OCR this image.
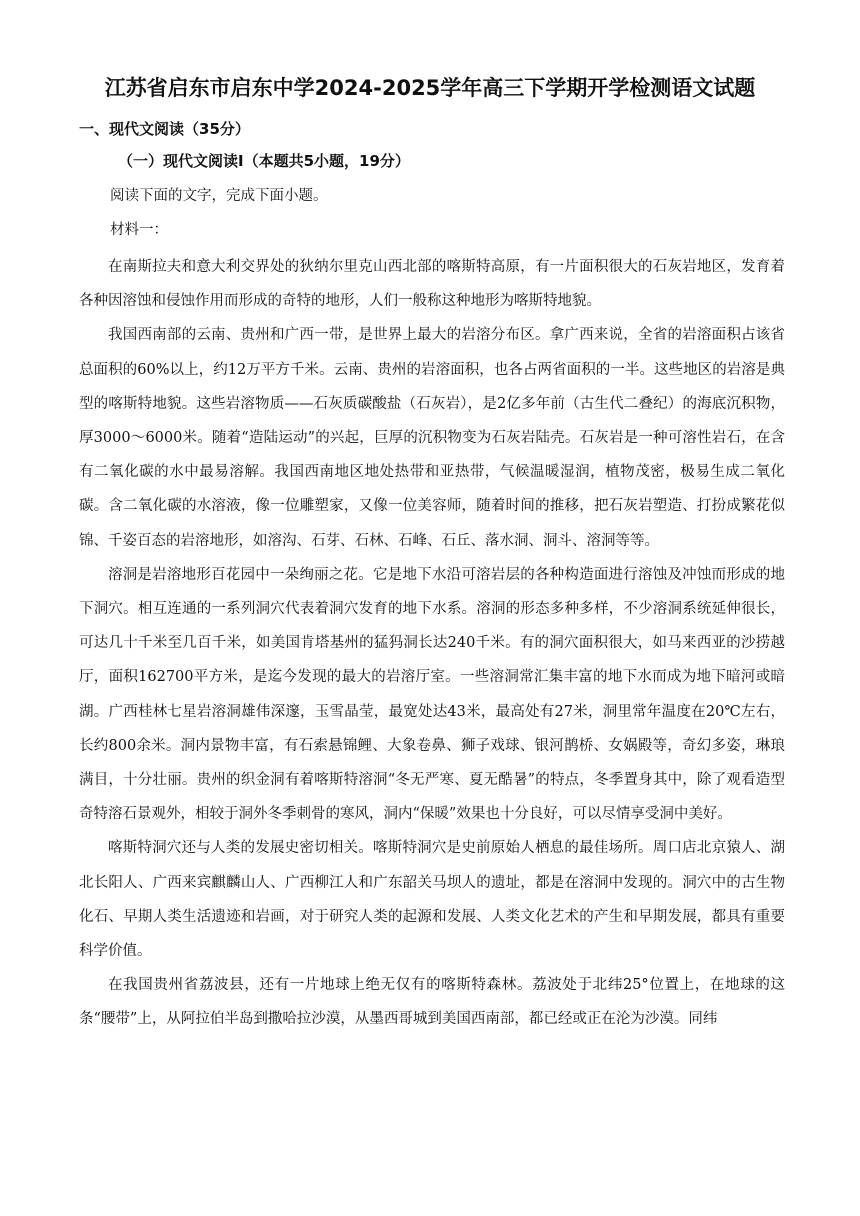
江苏省启东市启东中学2024-2025学年高三下学期开学检测语文试题
一、现代文阅读（35分）
（一）现代文阅读Ⅰ（本题共5小题，19分）
阅读下面的文字，完成下面小题。
材料一：

在南斯拉夫和意大利交界处的狄纳尔里克山西北部的喀斯特高原，有一片面积很大的石灰岩地区，发育着各种因溶蚀和侵蚀作用而形成的奇特的地形，人们一般称这种地形为喀斯特地貌。

我国西南部的云南、贵州和广西一带，是世界上最大的岩溶分布区。拿广西来说，全省的岩溶面积占该省总面积的60%以上，约12万平方千米。云南、贵州的岩溶面积，也各占两省面积的一半。这些地区的岩溶是典型的喀斯特地貌。这些岩溶物质——石灰质碳酸盐（石灰岩），是2亿多年前（古生代二叠纪）的海底沉积物，厚3000～6000米。随着“造陆运动”的兴起，巨厚的沉积物变为石灰岩陆壳。石灰岩是一种可溶性岩石，在含有二氧化碳的水中最易溶解。我国西南地区地处热带和亚热带，气候温暖湿润，植物茂密，极易生成二氧化碳。含二氧化碳的水溶液，像一位雕塑家，又像一位美容师，随着时间的推移，把石灰岩塑造、打扮成繁花似锦、千姿百态的岩溶地形，如溶沟、石芽、石林、石峰、石丘、落水洞、洞斗、溶洞等等。

溶洞是岩溶地形百花园中一朵绚丽之花。它是地下水沿可溶岩层的各种构造面进行溶蚀及冲蚀而形成的地下洞穴。相互连通的一系列洞穴代表着洞穴发育的地下水系。溶洞的形态多种多样，不少溶洞系统延伸很长，可达几十千米至几百千米，如美国肯塔基州的猛犸洞长达240千米。有的洞穴面积很大，如马来西亚的沙捞越厅，面积162700平方米，是迄今发现的最大的岩溶厅室。一些溶洞常汇集丰富的地下水而成为地下暗河或暗湖。广西桂林七星岩溶洞雄伟深邃，玉雪晶莹，最宽处达43米，最高处有27米，洞里常年温度在20℃左右，长约800余米。洞内景物丰富，有石索悬锦鲤、大象卷鼻、狮子戏球、银河鹊桥、女娲殿等，奇幻多姿，琳琅满目，十分壮丽。贵州的织金洞有着喀斯特溶洞“冬无严寒、夏无酷暑”的特点，冬季置身其中，除了观看造型奇特溶石景观外，相较于洞外冬季刺骨的寒风，洞内“保暖”效果也十分良好，可以尽情享受洞中美好。

喀斯特洞穴还与人类的发展史密切相关。喀斯特洞穴是史前原始人栖息的最佳场所。周口店北京猿人、湖北长阳人、广西来宾麒麟山人、广西柳江人和广东韶关马坝人的遗址，都是在溶洞中发现的。洞穴中的古生物化石、早期人类生活遗迹和岩画，对于研究人类的起源和发展、人类文化艺术的产生和早期发展，都具有重要科学价值。

在我国贵州省荔波县，还有一片地球上绝无仅有的喀斯特森林。荔波处于北纬25°位置上，在地球的这条“腰带”上，从阿拉伯半岛到撒哈拉沙漠，从墨西哥城到美国西南部，都已经或正在沦为沙漠。同纬
